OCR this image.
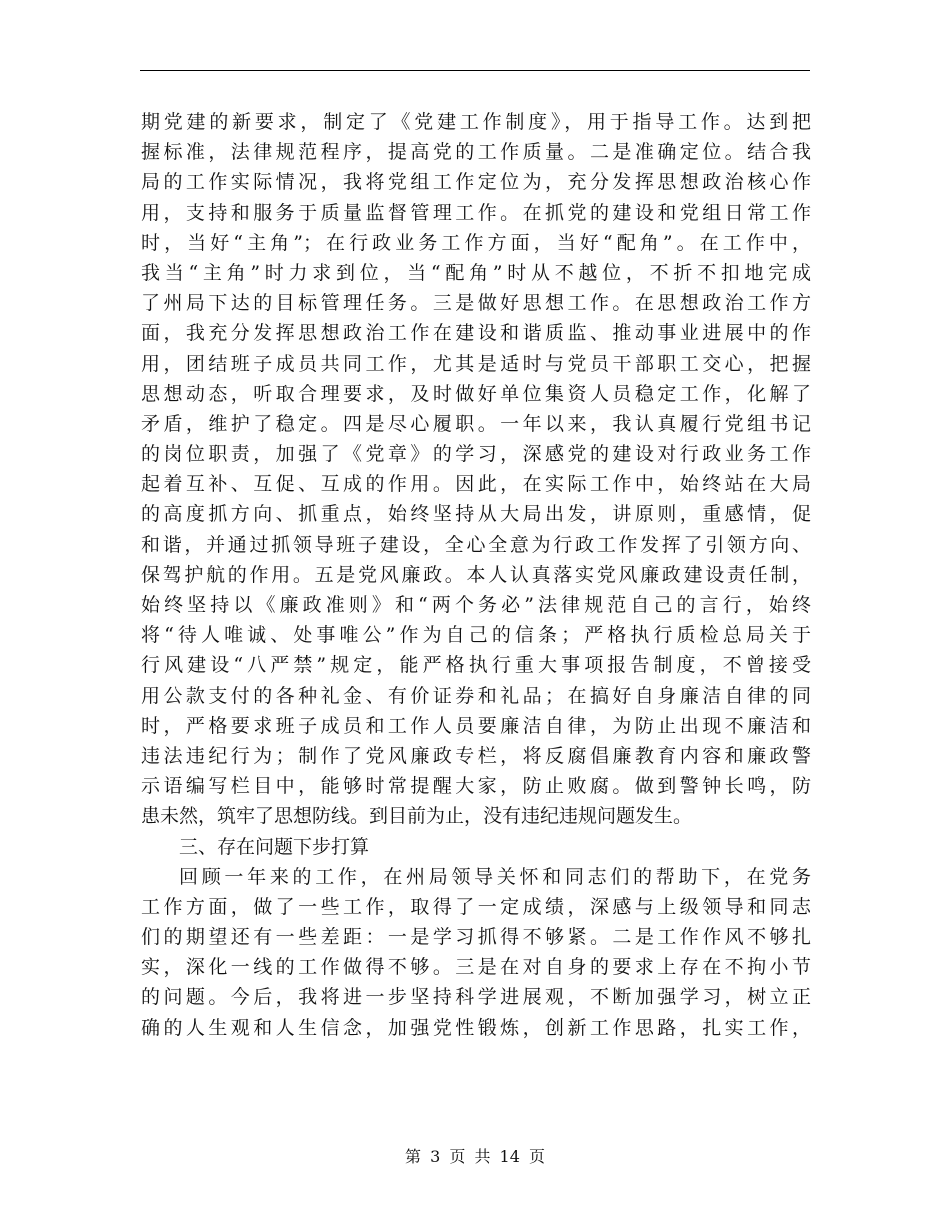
期党建的新要求，制定了《党建工作制度》，用于指导工作。达到把
握标准，法律规范程序，提高党的工作质量。二是准确定位。结合我
局的工作实际情况，我将党组工作定位为，充分发挥思想政治核心作
用，支持和服务于质量监督管理工作。在抓党的建设和党组日常工作
时，当好“主角”；在行政业务工作方面，当好“配角”。在工作中，
我当“主角”时力求到位，当“配角”时从不越位，不折不扣地完成
了州局下达的目标管理任务。三是做好思想工作。在思想政治工作方
面，我充分发挥思想政治工作在建设和谐质监、推动事业进展中的作
用，团结班子成员共同工作，尤其是适时与党员干部职工交心，把握
思想动态，听取合理要求，及时做好单位集资人员稳定工作，化解了
矛盾，维护了稳定。四是尽心履职。一年以来，我认真履行党组书记
的岗位职责，加强了《党章》的学习，深感党的建设对行政业务工作
起着互补、互促、互成的作用。因此，在实际工作中，始终站在大局
的高度抓方向、抓重点，始终坚持从大局出发，讲原则，重感情，促
和谐，并通过抓领导班子建设，全心全意为行政工作发挥了引领方向、
保驾护航的作用。五是党风廉政。本人认真落实党风廉政建设责任制，
始终坚持以《廉政准则》和“两个务必”法律规范自己的言行，始终
将“待人唯诚、处事唯公”作为自己的信条；严格执行质检总局关于
行风建设“八严禁”规定，能严格执行重大事项报告制度，不曾接受
用公款支付的各种礼金、有价证券和礼品；在搞好自身廉洁自律的同
时，严格要求班子成员和工作人员要廉洁自律，为防止出现不廉洁和
违法违纪行为；制作了党风廉政专栏，将反腐倡廉教育内容和廉政警
示语编写栏目中，能够时常提醒大家，防止败腐。做到警钟长鸣，防
患未然，筑牢了思想防线。到目前为止，没有违纪违规问题发生。
三、存在问题下步打算
回顾一年来的工作，在州局领导关怀和同志们的帮助下，在党务
工作方面，做了一些工作，取得了一定成绩，深感与上级领导和同志
们的期望还有一些差距：一是学习抓得不够紧。二是工作作风不够扎
实，深化一线的工作做得不够。三是在对自身的要求上存在不拘小节
的问题。今后，我将进一步坚持科学进展观，不断加强学习，树立正
确的人生观和人生信念，加强党性锻炼，创新工作思路，扎实工作，
第 3 页 共 14 页
